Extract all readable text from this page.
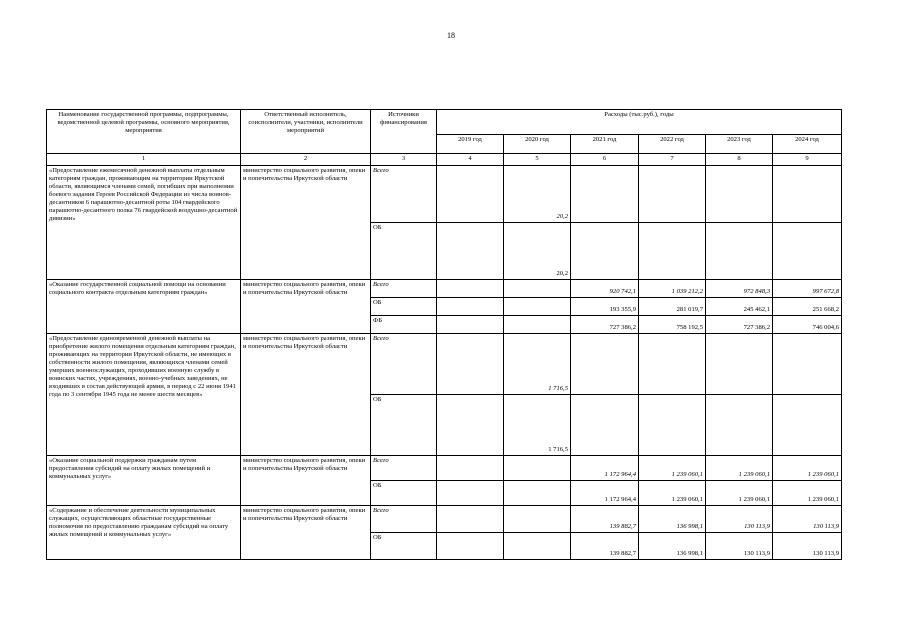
18
Наименование государственной программы, подпрограммы, ведомственной целевой программы, основного мероприятия, мероприятия	Ответственный исполнитель, соисполнители, участники, исполнители мероприятий	Источники финансирования	Расходы (тыс.руб.), годы					
			2019 год	2020 год	2021 год	2022 год	2023 год	2024 год
1	2	3	4	5	6	7	8	9
«Предоставление ежемесячной денежной выплаты отдельным категориям граждан, проживающим на территории Иркутской области, являющимся членами семей, погибших при выполнении боевого задания Героев Российской Федерации из числа воинов-десантников 6 парашютно-десантной роты 104 гвардейского парашютно-десантного полка 76 гвардейской воздушно-десантной дивизии»	министерство социального развития, опеки и попечительства Иркутской области	Всего		20,2				
		ОБ		20,2				
«Оказание государственной социальной помощи на основании социального контракта отдельным категориям граждан»	министерство социального развития, опеки и попечительства Иркутской области	Всего			920 742,1	1 039 212,2	972 848,3	997 672,8
		ОБ			193 355,9	281 019,7	245 462,1	251 668,2
		ФБ			727 386,2	758 192,5	727 386,2	746 004,6
«Предоставление единовременной денежной выплаты на приобретение жилого помещения отдельным категориям граждан, проживающих на территории Иркутской области, не имеющих в собственности жилого помещения, являющихся членами семей умерших военнослужащих, проходивших военную службу в воинских частях, учреждениях, военно-учебных заведениях, не входивших в состав действующей армии, в период с 22 июня 1941 года по 3 сентября 1945 года не менее шести месяцев»	министерство социального развития, опеки и попечительства Иркутской области	Всего		1 716,5				
		ОБ		1 716,5				
«Оказание социальной поддержки гражданам путем предоставления субсидий на оплату жилых помещений и коммунальных услуг»	министерство социального развития, опеки и попечительства Иркутской области	Всего			1 172 964,4	1 239 060,1	1 239 060,1	1 239 060,1
		ОБ			1 172 964,4	1 239 060,1	1 239 060,1	1 239 060,1
«Содержание и обеспечение деятельности муниципальных служащих, осуществляющих областные государственные полномочия по предоставлению гражданам субсидий на оплату жилых помещений и коммунальных услуг»	министерство социального развития, опеки и попечительства Иркутской области	Всего			139 882,7	136 998,1	130 113,9	130 113,9
		ОБ			139 882,7	136 998,1	130 113,9	130 113,9
